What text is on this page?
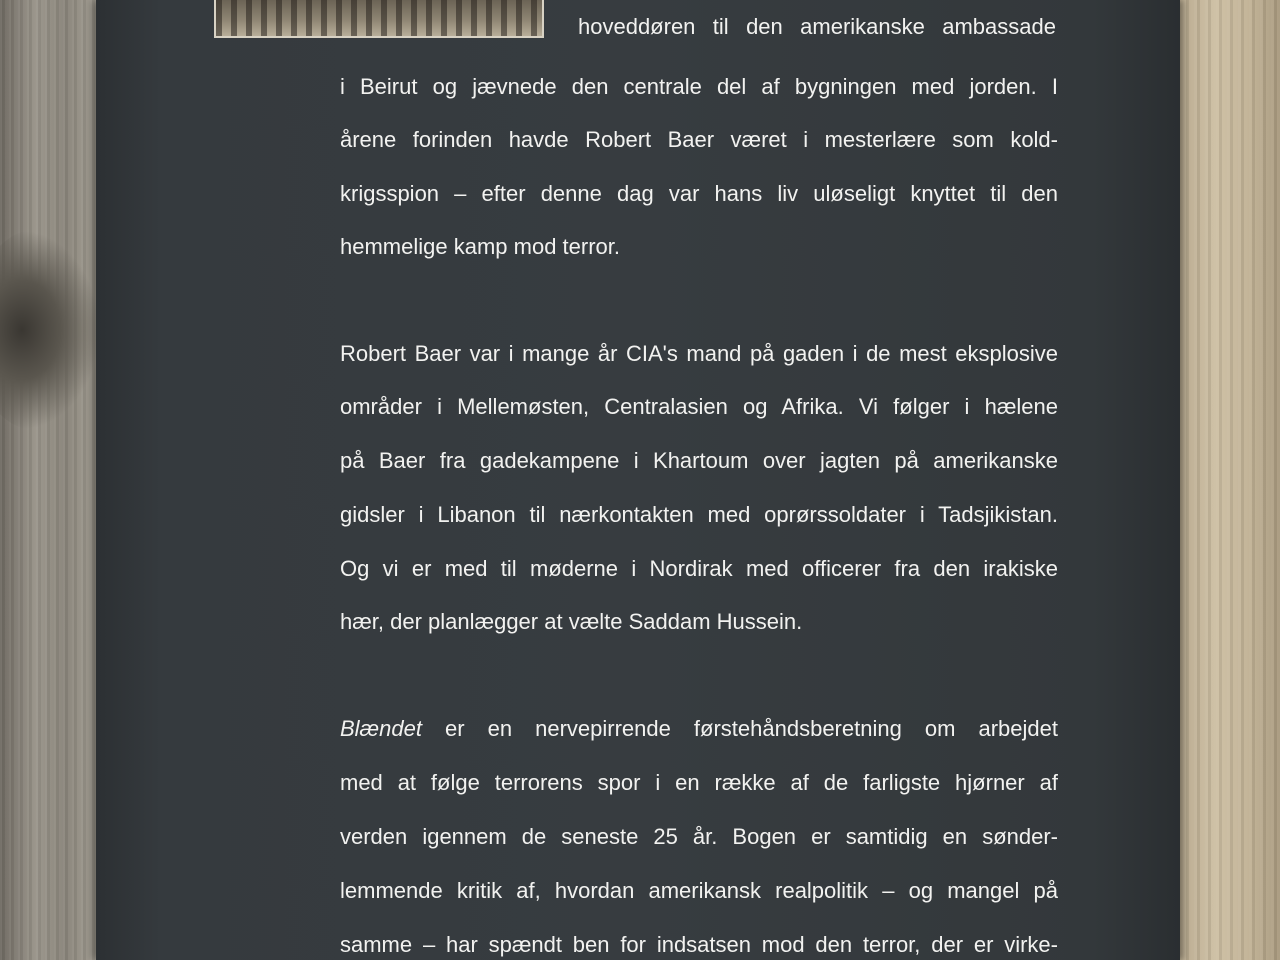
hoveddøren til den amerikanske ambassade
i Beirut og jævnede den centrale del af bygningen med jorden. I
årene forinden havde Robert Baer været i mesterlære som kold-
krigsspion – efter denne dag var hans liv uløseligt knyttet til den
hemmelige kamp mod terror.
Robert Baer var i mange år CIA's mand på gaden i de mest eksplosive
områder i Mellemøsten, Centralasien og Afrika. Vi følger i hælene
på Baer fra gadekampene i Khartoum over jagten på amerikanske
gidsler i Libanon til nærkontakten med oprørssoldater i Tadsjikistan.
Og vi er med til møderne i Nordirak med officerer fra den irakiske
hær, der planlægger at vælte Saddam Hussein.
Blændet er en nervepirrende førstehåndsberetning om arbejdet
med at følge terrorens spor i en række af de farligste hjørner af
verden igennem de seneste 25 år. Bogen er samtidig en sønder-
lemmende kritik af, hvordan amerikansk realpolitik – og mangel på
samme – har spændt ben for indsatsen mod den terror, der er virke-
